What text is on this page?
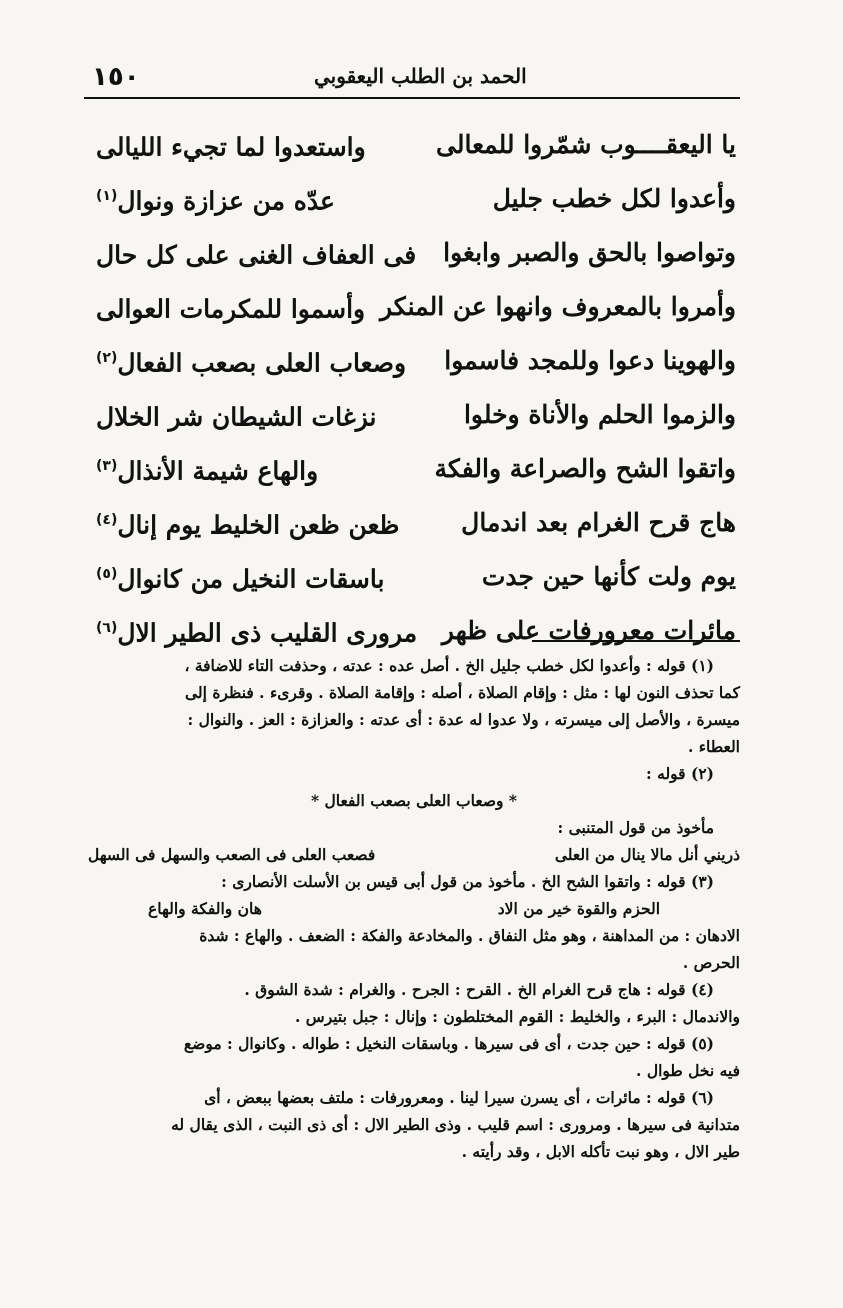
١٥٠	الحمد بن الطلب اليعقوبي
يا اليعقــــوب شمّروا للمعالى
واستعدوا لما تجيء الليالى
وأعدوا لكل خطب جليل
عدّه من عزازة ونوال$^{(١)}$
وتواصوا بالحق والصبر وابغوا
فى العفاف الغنى على كل حال
وأمروا بالمعروف وانهوا عن المنكر
وأسموا للمكرمات العوالى
والهوينا دعوا وللمجد فاسموا
وصعاب العلى بصعب الفعال$^{(٢)}$
والزموا الحلم والأناة وخلوا
نزغات الشيطان شر الخلال
واتقوا الشح والصراعة والفكة
والهاع شيمة الأنذال$^{(٣)}$
هاج قرح الغرام بعد اندمال
ظعن ظعن الخليط يوم إنال$^{(٤)}$
يوم ولت كأنها حين جدت
باسقات النخيل من كانوال$^{(٥)}$
مائرات معرورفات على ظهر
مرورى القليب ذى الطير الال$^{(٦)}$

(١) قوله : وأعدوا لكل خطب جليل الخ . أصل عده : عدته ، وحذفت التاء للاضافة ،

كما تحذف النون لها : مثل : وإقام الصلاة ، أصله : وإقامة الصلاة . وقرىء . فنظرة إلى

ميسرة ، والأصل إلى ميسرته ، ولا عدوا له عدة : أى عدته : والعزازة : العز . والنوال :

العطاء .

(٢) قوله :

* وصعاب العلى بصعب الفعال *

مأخوذ من قول المتنبى :

ذريني أنل مالا ينال من العلى
فصعب العلى فى الصعب والسهل فى السهل

(٣) قوله : واتقوا الشح الخ . مأخوذ من قول أبى قيس بن الأسلت الأنصارى :

الحزم والقوة خير من الاد
هان والفكة والهاع

الادهان : من المداهنة ، وهو مثل النفاق . والمخادعة والفكة : الضعف . والهاع : شدة

الحرص .

(٤) قوله : هاج قرح الغرام الخ . القرح : الجرح . والغرام : شدة الشوق .

والاندمال : البرء ، والخليط : القوم المختلطون : وإنال : جبل بتيرس .

(٥) قوله : حين جدت ، أى فى سيرها . وباسقات النخيل : طواله . وكانوال : موضع

فيه نخل طوال .

(٦) قوله : مائرات ، أى يسرن سيرا لينا . ومعرورفات : ملتف بعضها ببعض ، أى

متدانية فى سيرها . ومرورى : اسم قليب . وذى الطير الال : أى ذى النبت ، الذى يقال له

طير الال ، وهو نبت تأكله الابل ، وقد رأيته .
